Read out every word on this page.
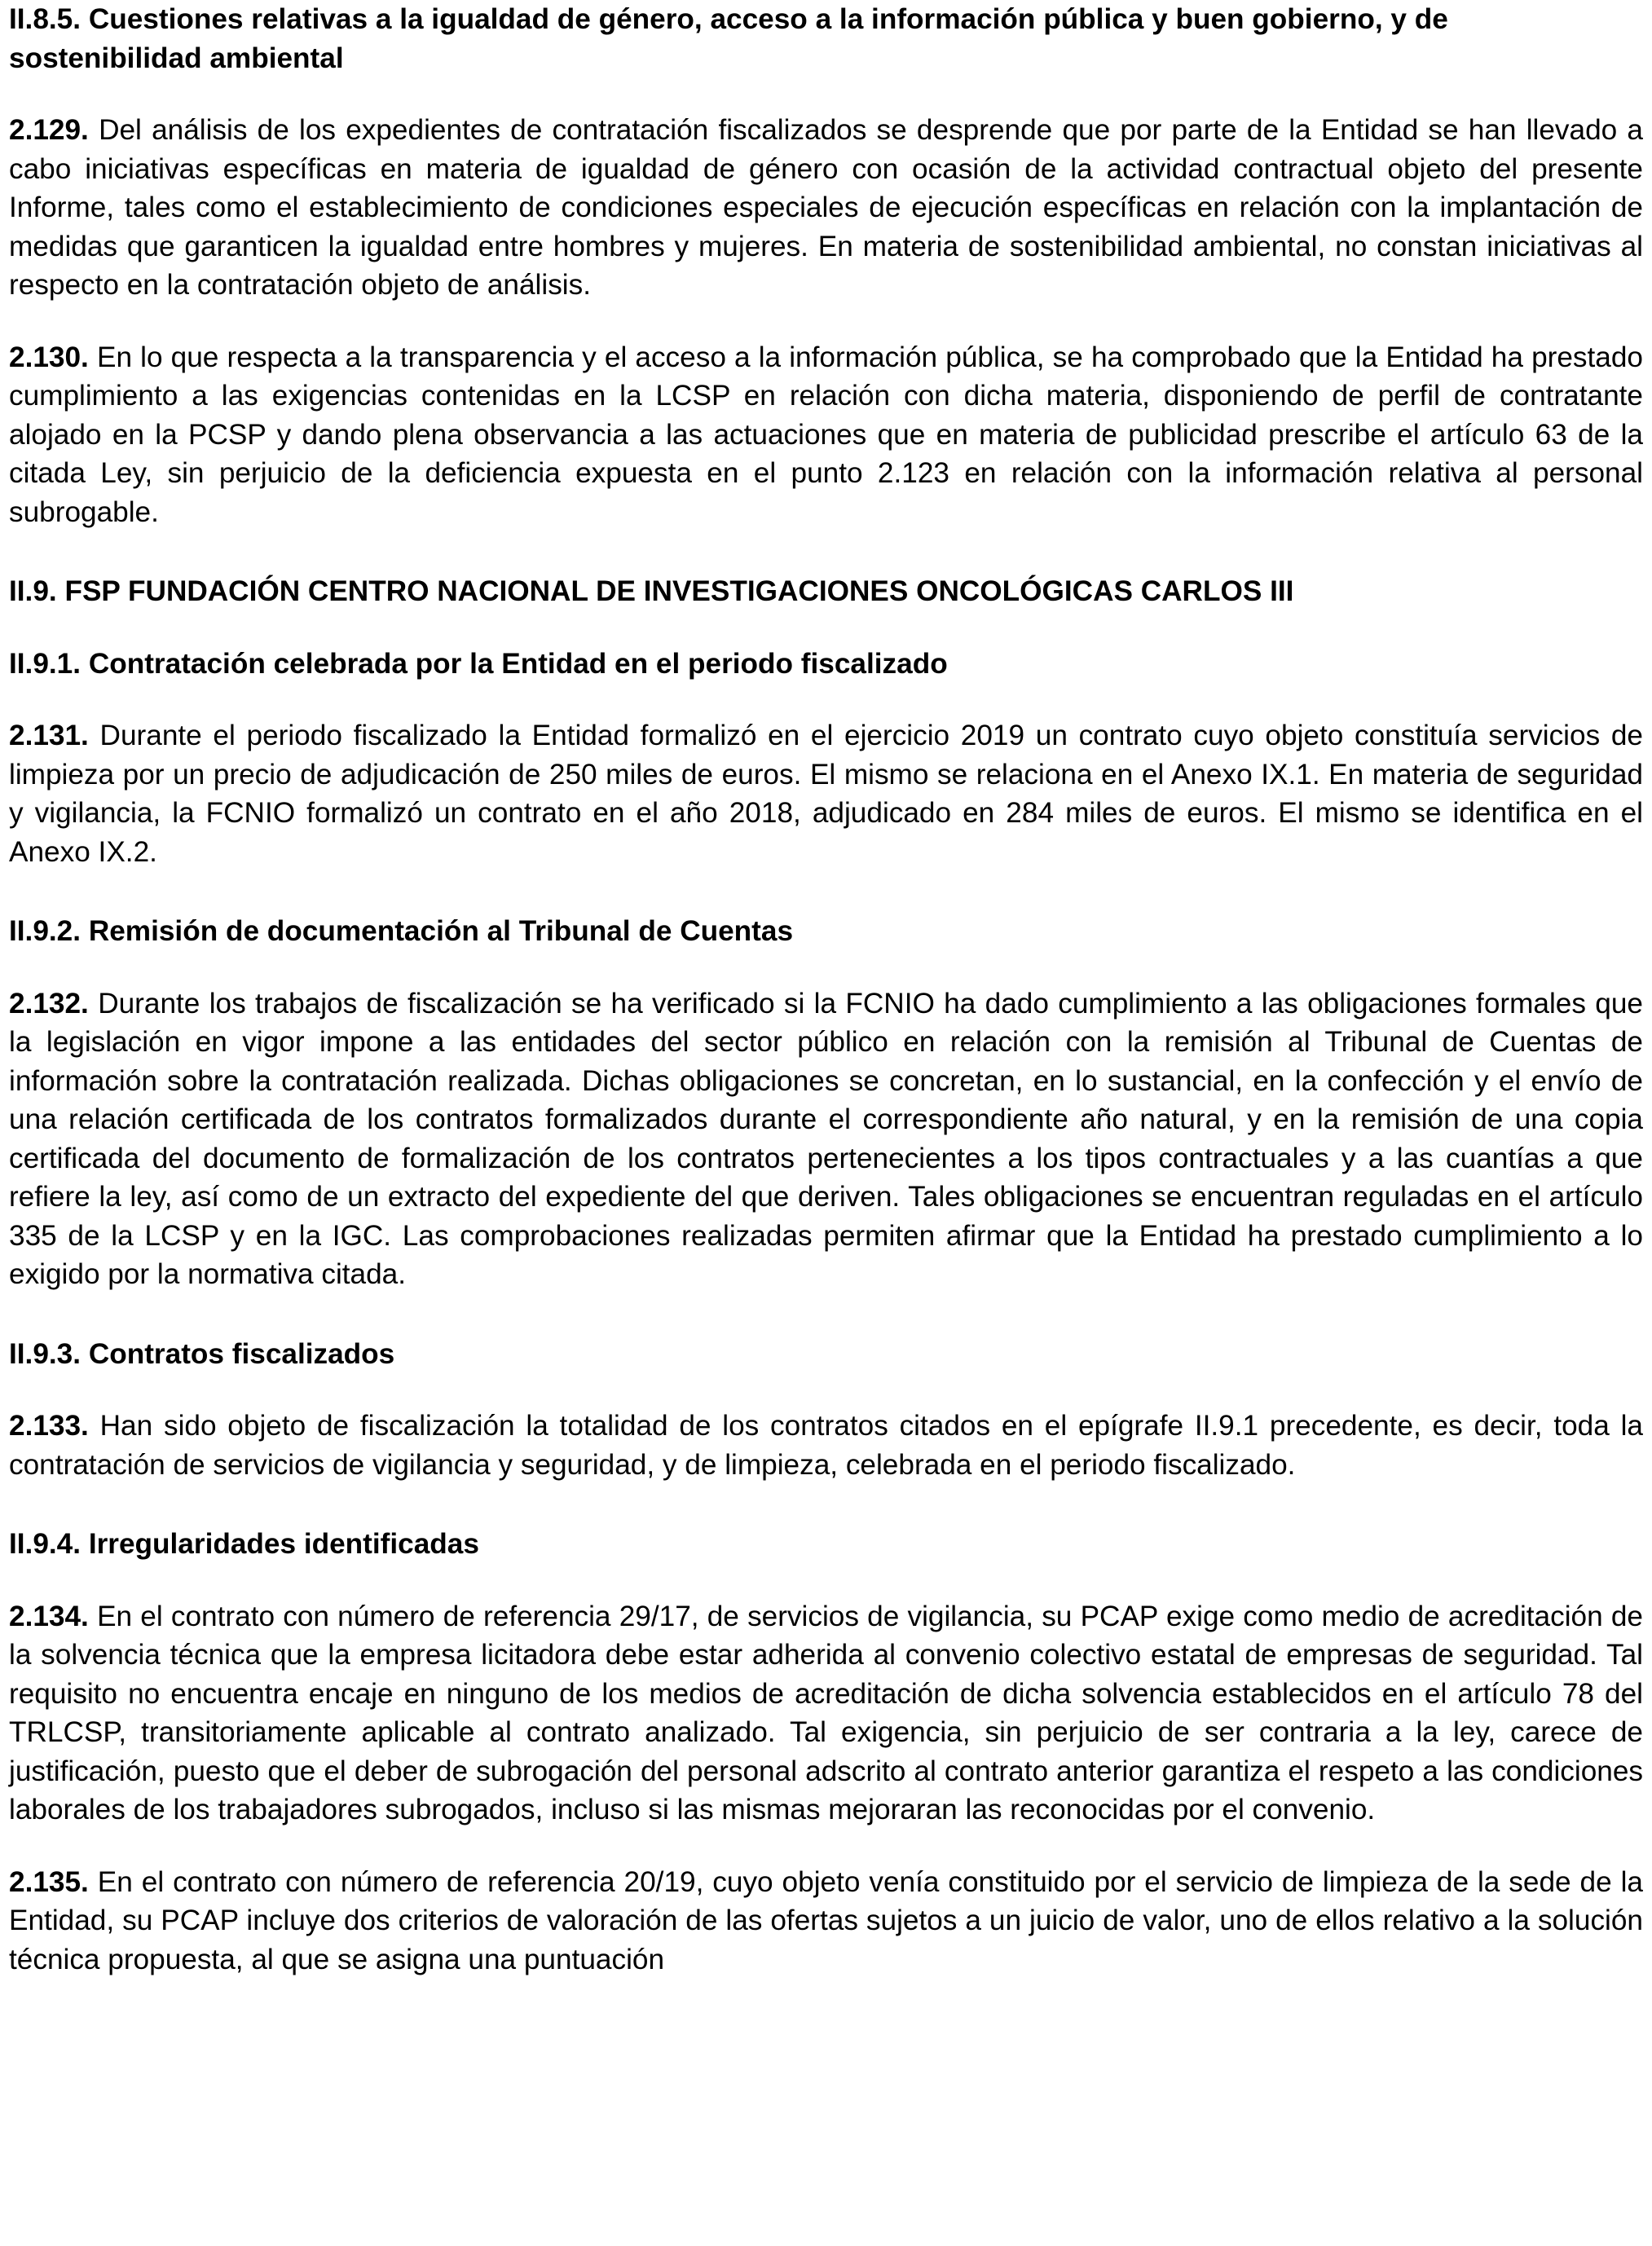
II.8.5. Cuestiones relativas a la igualdad de género, acceso a la información pública y buen gobierno, y de sostenibilidad ambiental

2.129. Del análisis de los expedientes de contratación fiscalizados se desprende que por parte de la Entidad se han llevado a cabo iniciativas específicas en materia de igualdad de género con ocasión de la actividad contractual objeto del presente Informe, tales como el establecimiento de condiciones especiales de ejecución específicas en relación con la implantación de medidas que garanticen la igualdad entre hombres y mujeres. En materia de sostenibilidad ambiental, no constan iniciativas al respecto en la contratación objeto de análisis.

2.130. En lo que respecta a la transparencia y el acceso a la información pública, se ha comprobado que la Entidad ha prestado cumplimiento a las exigencias contenidas en la LCSP en relación con dicha materia, disponiendo de perfil de contratante alojado en la PCSP y dando plena observancia a las actuaciones que en materia de publicidad prescribe el artículo 63 de la citada Ley, sin perjuicio de la deficiencia expuesta en el punto 2.123 en relación con la información relativa al personal subrogable.

II.9. FSP FUNDACIÓN CENTRO NACIONAL DE INVESTIGACIONES ONCOLÓGICAS CARLOS III

II.9.1. Contratación celebrada por la Entidad en el periodo fiscalizado

2.131. Durante el periodo fiscalizado la Entidad formalizó en el ejercicio 2019 un contrato cuyo objeto constituía servicios de limpieza por un precio de adjudicación de 250 miles de euros. El mismo se relaciona en el Anexo IX.1. En materia de seguridad y vigilancia, la FCNIO formalizó un contrato en el año 2018, adjudicado en 284 miles de euros. El mismo se identifica en el Anexo IX.2.

II.9.2. Remisión de documentación al Tribunal de Cuentas

2.132. Durante los trabajos de fiscalización se ha verificado si la FCNIO ha dado cumplimiento a las obligaciones formales que la legislación en vigor impone a las entidades del sector público en relación con la remisión al Tribunal de Cuentas de información sobre la contratación realizada. Dichas obligaciones se concretan, en lo sustancial, en la confección y el envío de una relación certificada de los contratos formalizados durante el correspondiente año natural, y en la remisión de una copia certificada del documento de formalización de los contratos pertenecientes a los tipos contractuales y a las cuantías a que refiere la ley, así como de un extracto del expediente del que deriven. Tales obligaciones se encuentran reguladas en el artículo 335 de la LCSP y en la IGC. Las comprobaciones realizadas permiten afirmar que la Entidad ha prestado cumplimiento a lo exigido por la normativa citada.

II.9.3. Contratos fiscalizados

2.133. Han sido objeto de fiscalización la totalidad de los contratos citados en el epígrafe II.9.1 precedente, es decir, toda la contratación de servicios de vigilancia y seguridad, y de limpieza, celebrada en el periodo fiscalizado.

II.9.4. Irregularidades identificadas

2.134. En el contrato con número de referencia 29/17, de servicios de vigilancia, su PCAP exige como medio de acreditación de la solvencia técnica que la empresa licitadora debe estar adherida al convenio colectivo estatal de empresas de seguridad. Tal requisito no encuentra encaje en ninguno de los medios de acreditación de dicha solvencia establecidos en el artículo 78 del TRLCSP, transitoriamente aplicable al contrato analizado. Tal exigencia, sin perjuicio de ser contraria a la ley, carece de justificación, puesto que el deber de subrogación del personal adscrito al contrato anterior garantiza el respeto a las condiciones laborales de los trabajadores subrogados, incluso si las mismas mejoraran las reconocidas por el convenio.

2.135. En el contrato con número de referencia 20/19, cuyo objeto venía constituido por el servicio de limpieza de la sede de la Entidad, su PCAP incluye dos criterios de valoración de las ofertas sujetos a un juicio de valor, uno de ellos relativo a la solución técnica propuesta, al que se asigna una puntuación
